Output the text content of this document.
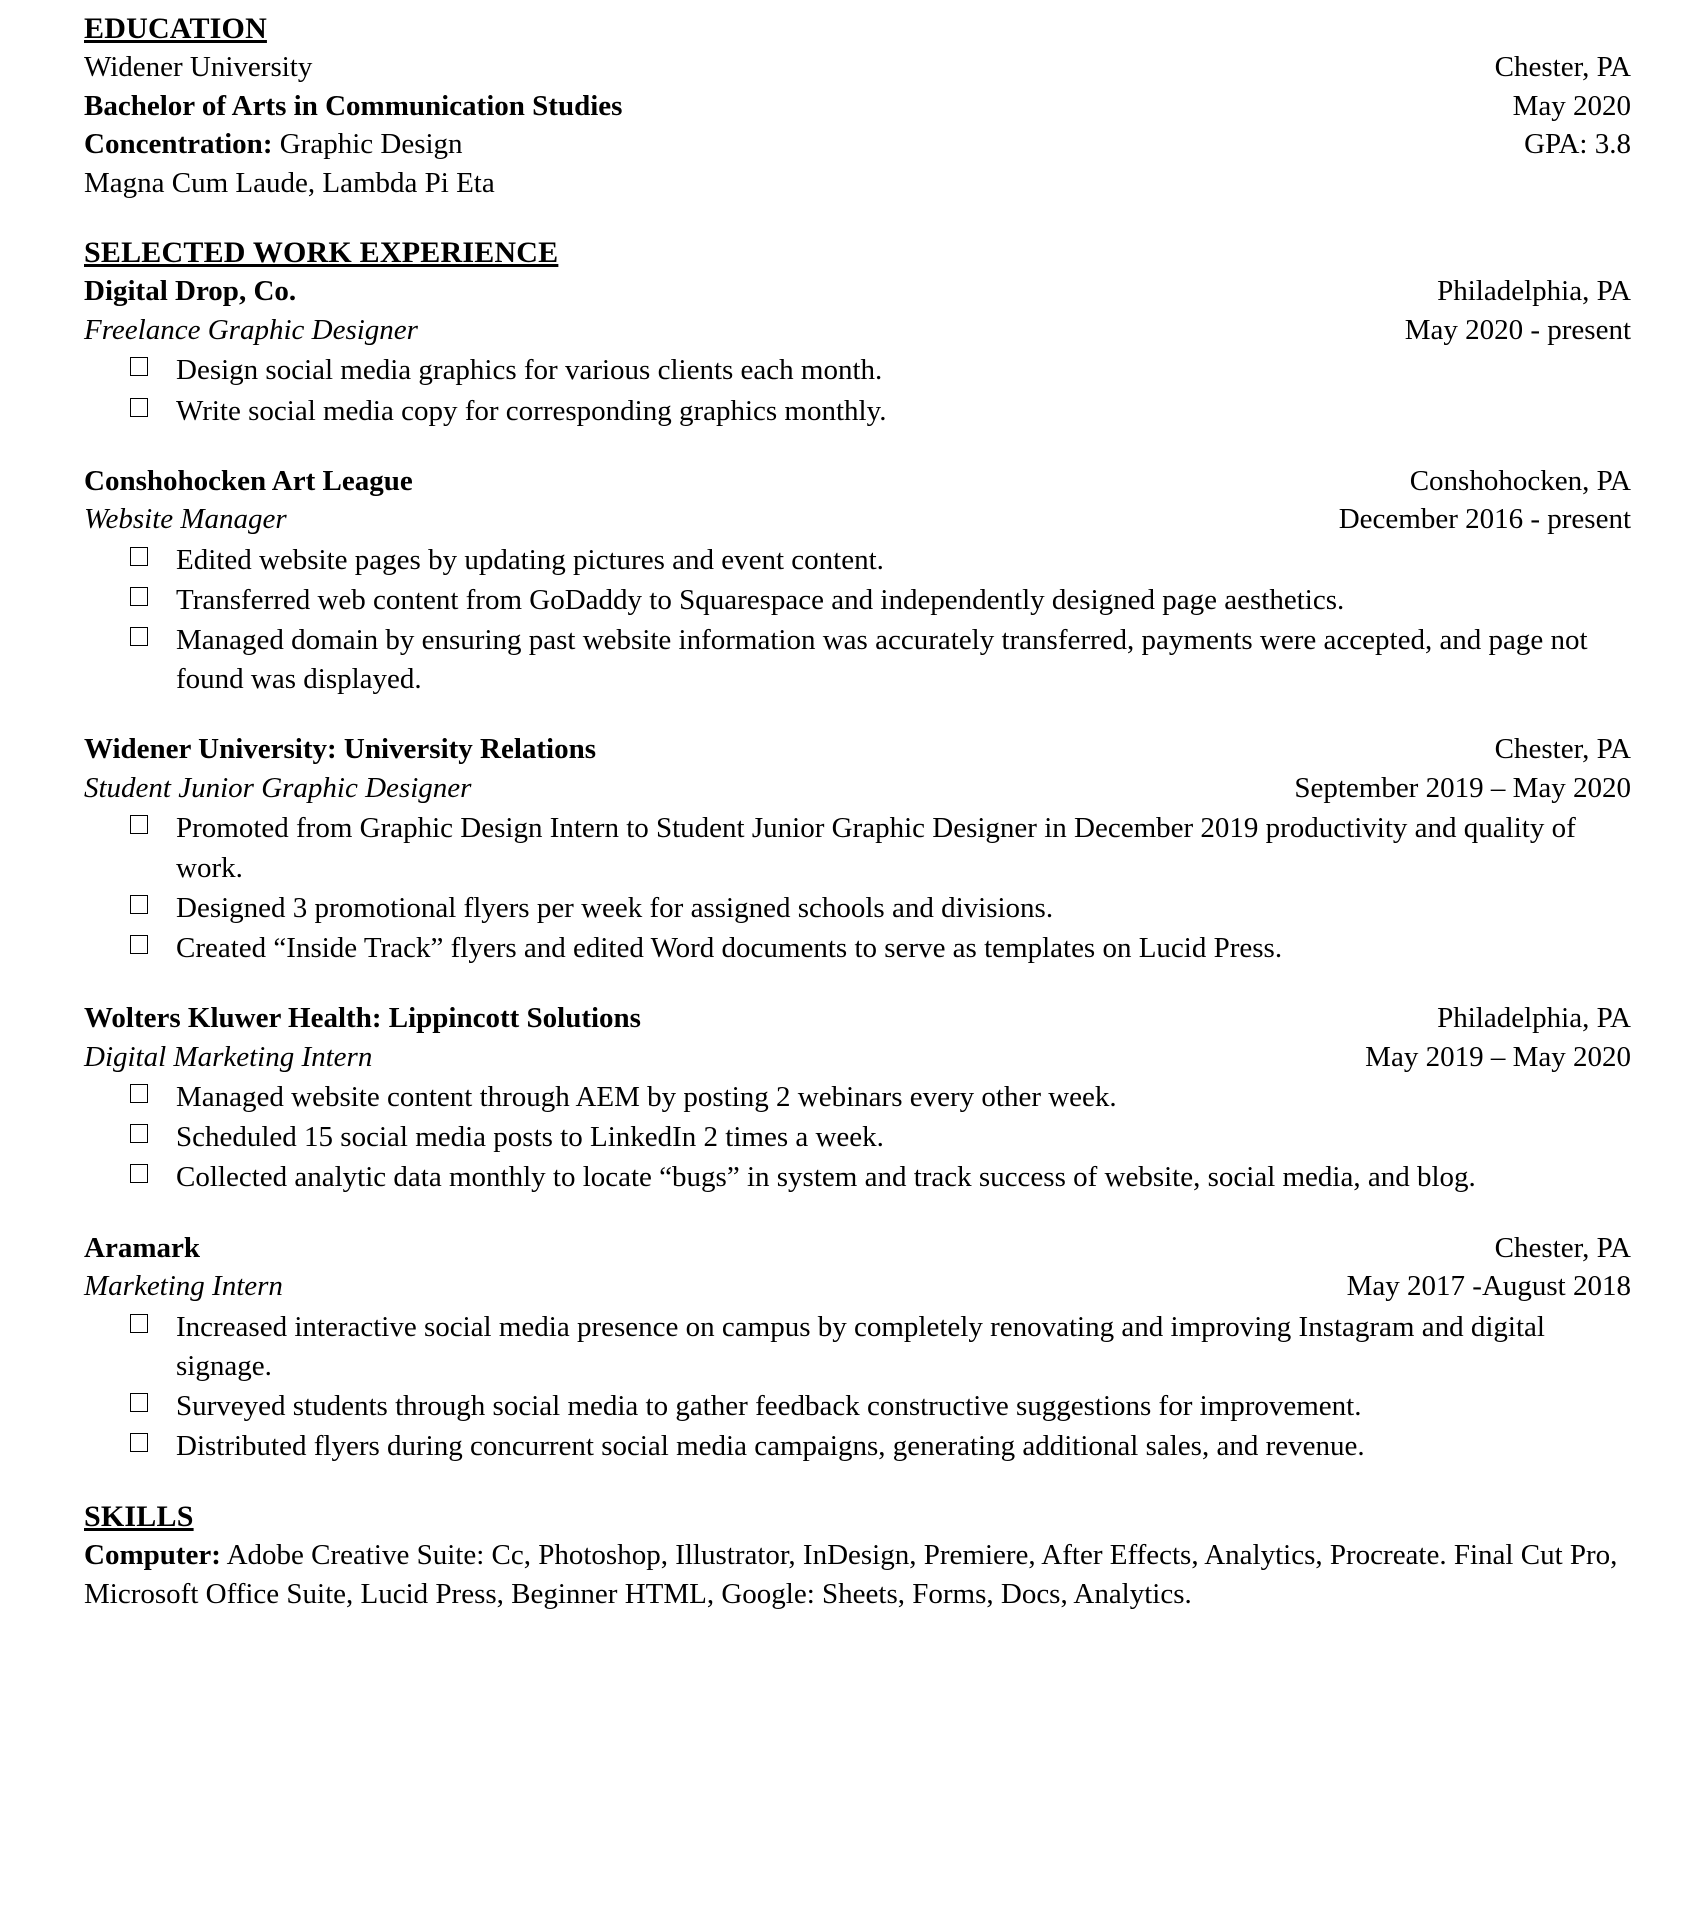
EDUCATION
Widener University	Chester, PA
Bachelor of Arts in Communication Studies	May 2020
Concentration: Graphic Design	GPA: 3.8
Magna Cum Laude, Lambda Pi Eta
SELECTED WORK EXPERIENCE
Digital Drop, Co.	Philadelphia, PA
Freelance Graphic Designer	May 2020 - present
Design social media graphics for various clients each month.
Write social media copy for corresponding graphics monthly.
Conshohocken Art League	Conshohocken, PA
Website Manager	December 2016 - present
Edited website pages by updating pictures and event content.
Transferred web content from GoDaddy to Squarespace and independently designed page aesthetics.
Managed domain by ensuring past website information was accurately transferred, payments were accepted, and page not found was displayed.
Widener University: University Relations	Chester, PA
Student Junior Graphic Designer	September 2019 – May 2020
Promoted from Graphic Design Intern to Student Junior Graphic Designer in December 2019 productivity and quality of work.
Designed 3 promotional flyers per week for assigned schools and divisions.
Created “Inside Track” flyers and edited Word documents to serve as templates on Lucid Press.
Wolters Kluwer Health: Lippincott Solutions	Philadelphia, PA
Digital Marketing Intern	May 2019 – May 2020
Managed website content through AEM by posting 2 webinars every other week.
Scheduled 15 social media posts to LinkedIn 2 times a week.
Collected analytic data monthly to locate “bugs” in system and track success of website, social media, and blog.
Aramark	Chester, PA
Marketing Intern	May 2017 -August 2018
Increased interactive social media presence on campus by completely renovating and improving Instagram and digital signage.
Surveyed students through social media to gather feedback constructive suggestions for improvement.
Distributed flyers during concurrent social media campaigns, generating additional sales, and revenue.
SKILLS
Computer: Adobe Creative Suite: Cc, Photoshop, Illustrator, InDesign, Premiere, After Effects, Analytics, Procreate. Final Cut Pro, Microsoft Office Suite, Lucid Press, Beginner HTML, Google: Sheets, Forms, Docs, Analytics.
